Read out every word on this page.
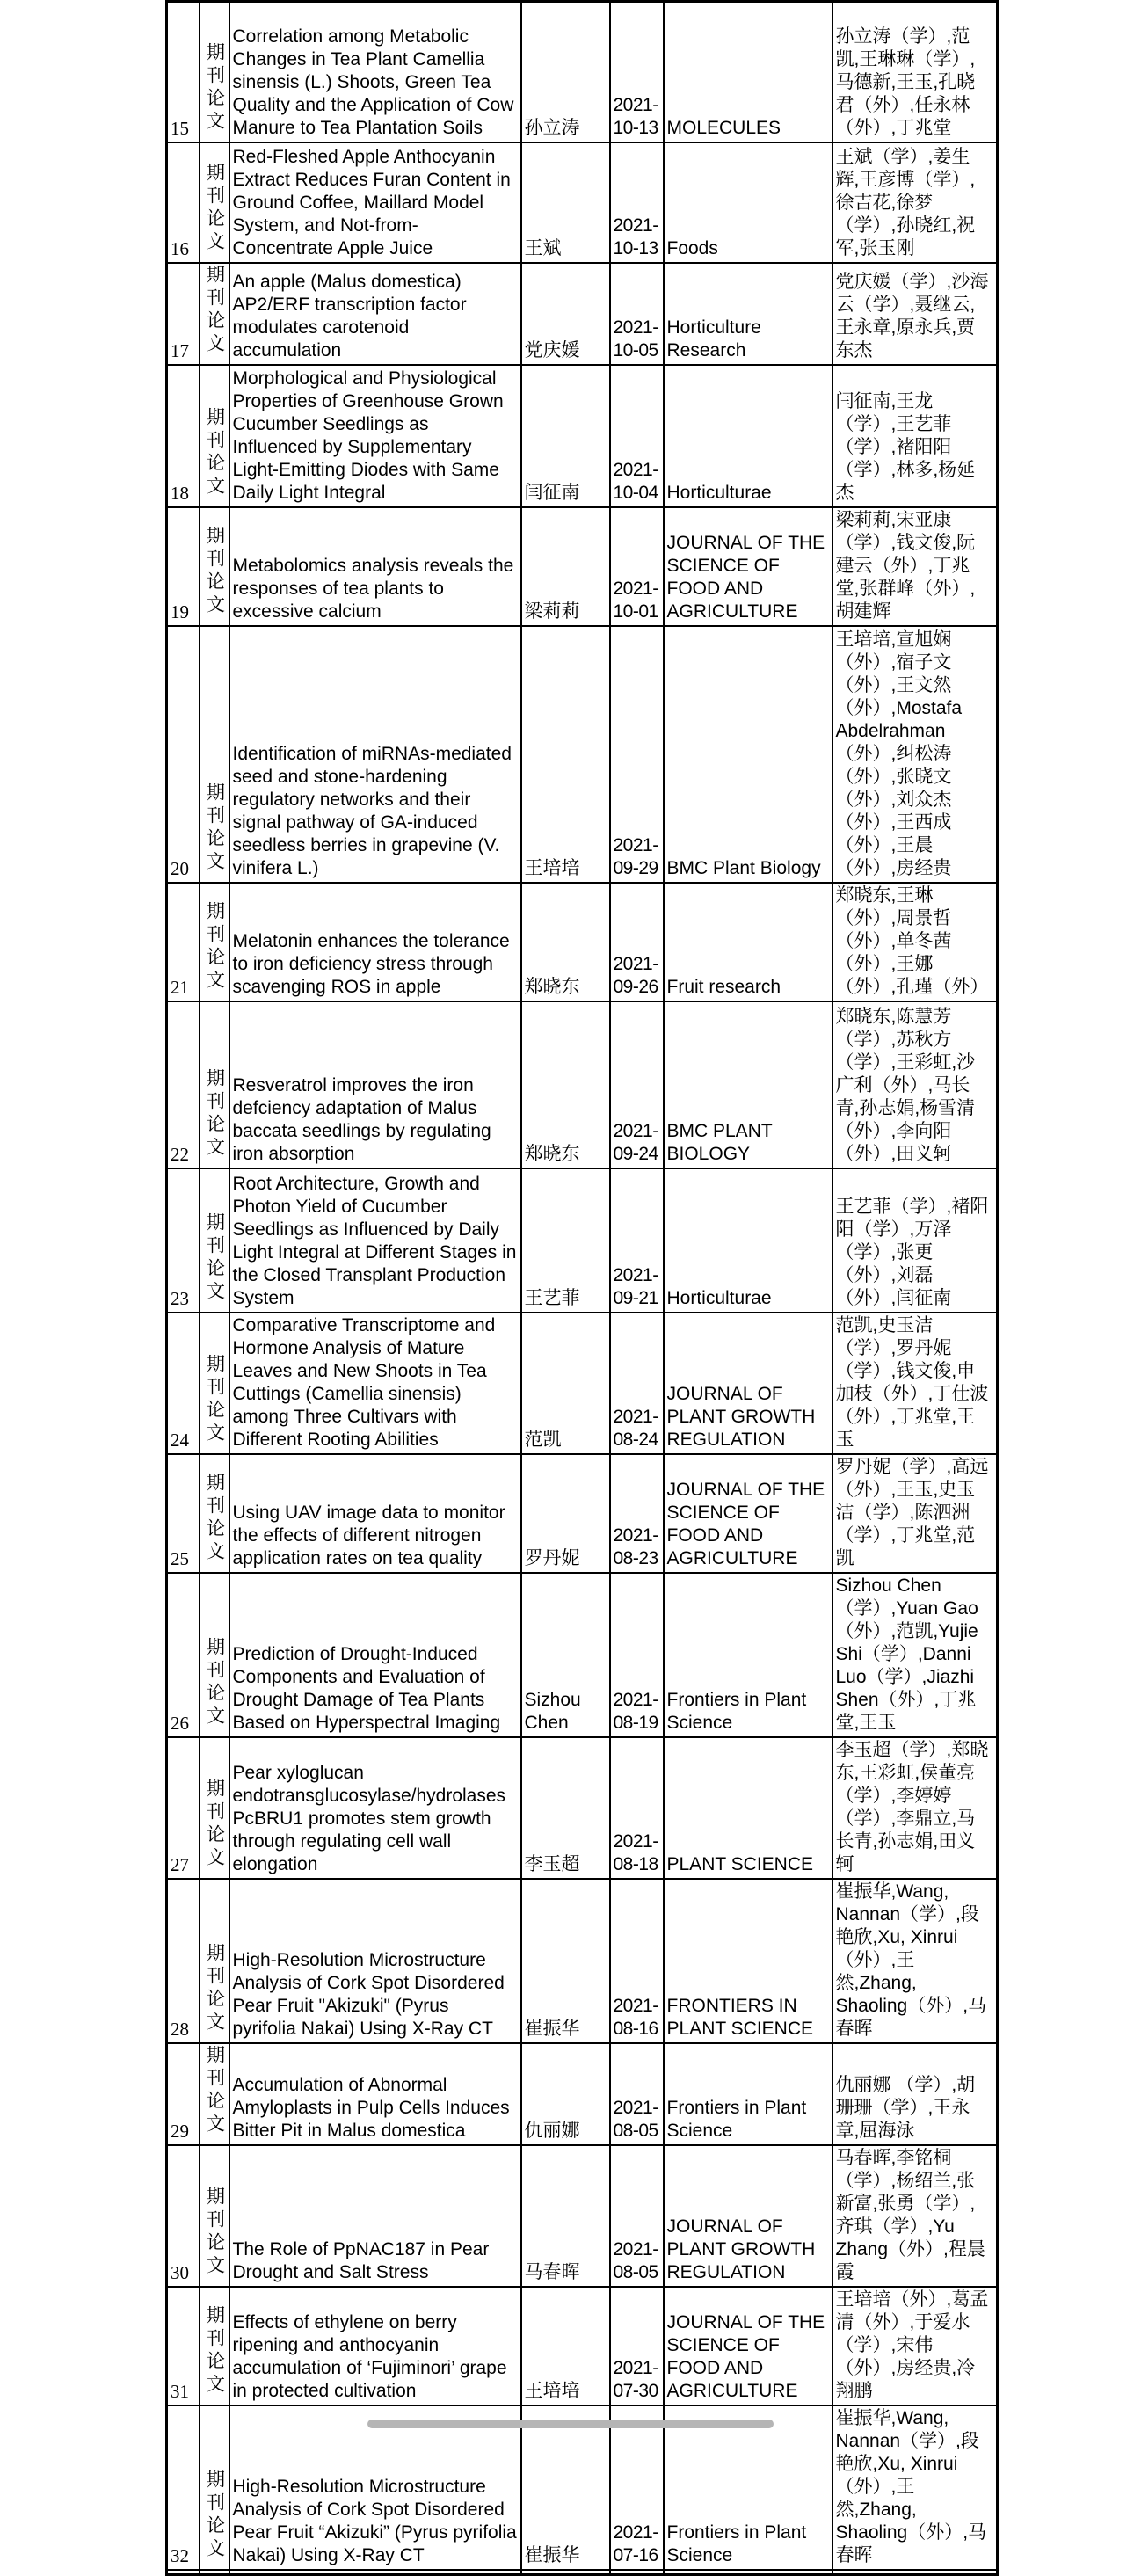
15	期刊论文	Correlation among Metabolic Changes in Tea Plant Camellia sinensis (L.) Shoots, Green Tea Quality and the Application of Cow Manure to Tea Plantation Soils	孙立涛	2021-10-13	MOLECULES	孙立涛（学）,范凯,王琳琳（学）,马德新,王玉,孔晓君（外）,任永林（外）,丁兆堂
16	期刊论文	Red-Fleshed Apple Anthocyanin Extract Reduces Furan Content in Ground Coffee, Maillard Model System, and Not-from-Concentrate Apple Juice	王斌	2021-10-13	Foods	王斌（学）,姜生辉,王彦博（学）,徐吉花,徐梦（学）,孙晓红,祝军,张玉刚
17	期刊论文	An apple (Malus domestica) AP2/ERF transcription factor modulates carotenoid accumulation	党庆媛	2021-10-05	Horticulture Research	党庆媛（学）,沙海云（学）,聂继云,王永章,原永兵,贾东杰
18	期刊论文	Morphological and Physiological Properties of Greenhouse Grown Cucumber Seedlings as Influenced by Supplementary Light-Emitting Diodes with Same Daily Light Integral	闫征南	2021-10-04	Horticulturae	闫征南,王龙（学）,王艺菲（学）,褚阳阳（学）,林多,杨延杰
19	期刊论文	Metabolomics analysis reveals the responses of tea plants to excessive calcium	梁莉莉	2021-10-01	JOURNAL OF THE SCIENCE OF FOOD AND AGRICULTURE	梁莉莉,宋亚康（学）,钱文俊,阮建云（外）,丁兆堂,张群峰（外）,胡建辉
20	期刊论文	Identification of miRNAs-mediated seed and stone-hardening regulatory networks and their signal pathway of GA-induced seedless berries in grapevine (V. vinifera L.)	王培培	2021-09-29	BMC Plant Biology	王培培,宣旭娴（外）,宿子文（外）,王文然（外）,Mostafa Abdelrahman（外）,纠松涛（外）,张晓文（外）,刘众杰（外）,王西成（外）,王晨（外）,房经贵
21	期刊论文	Melatonin enhances the tolerance to iron deficiency stress through scavenging ROS in apple	郑晓东	2021-09-26	Fruit research	郑晓东,王琳（外）,周景哲（外）,单冬茜（外）,王娜（外）,孔瑾（外）
22	期刊论文	Resveratrol improves the iron defciency adaptation of Malus baccata seedlings by regulating iron absorption	郑晓东	2021-09-24	BMC PLANT BIOLOGY	郑晓东,陈慧芳（学）,苏秋方（学）,王彩虹,沙广利（外）,马长青,孙志娟,杨雪清（外）,李向阳（外）,田义轲
23	期刊论文	Root Architecture, Growth and Photon Yield of Cucumber Seedlings as Influenced by Daily Light Integral at Different Stages in the Closed Transplant Production System	王艺菲	2021-09-21	Horticulturae	王艺菲（学）,褚阳阳（学）,万泽（学）,张更（外）,刘磊（外）,闫征南
24	期刊论文	Comparative Transcriptome and Hormone Analysis of Mature Leaves and New Shoots in Tea Cuttings (Camellia sinensis) among Three Cultivars with Different Rooting Abilities	范凯	2021-08-24	JOURNAL OF PLANT GROWTH REGULATION	范凯,史玉洁（学）,罗丹妮（学）,钱文俊,申加枝（外）,丁仕波（外）,丁兆堂,王玉
25	期刊论文	Using UAV image data to monitor the effects of different nitrogen application rates on tea quality	罗丹妮	2021-08-23	JOURNAL OF THE SCIENCE OF FOOD AND AGRICULTURE	罗丹妮（学）,高远（外）,王玉,史玉洁（学）,陈泗洲（学）,丁兆堂,范凯
26	期刊论文	Prediction of Drought-Induced Components and Evaluation of Drought Damage of Tea Plants Based on Hyperspectral Imaging	Sizhou Chen	2021-08-19	Frontiers in Plant Science	Sizhou Chen（学）,Yuan Gao（外）,范凯,Yujie Shi（学）,Danni Luo（学）,Jiazhi Shen（外）,丁兆堂,王玉
27	期刊论文	Pear xyloglucan endotransglucosylase/hydrolases PcBRU1 promotes stem growth through regulating cell wall elongation	李玉超	2021-08-18	PLANT SCIENCE	李玉超（学）,郑晓东,王彩虹,侯董亮（学）,李婷婷（学）,李鼎立,马长青,孙志娟,田义轲
28	期刊论文	High-Resolution Microstructure Analysis of Cork Spot Disordered Pear Fruit "Akizuki" (Pyrus pyrifolia Nakai) Using X-Ray CT	崔振华	2021-08-16	FRONTIERS IN PLANT SCIENCE	崔振华,Wang, Nannan（学）,段艳欣,Xu, Xinrui（外）,王然,Zhang, Shaoling（外）,马春晖
29	期刊论文	Accumulation of Abnormal Amyloplasts in Pulp Cells Induces Bitter Pit in Malus domestica	仇丽娜	2021-08-05	Frontiers in Plant Science	仇丽娜 （学）,胡珊珊（学）,王永章,屈海泳
30	期刊论文	The Role of PpNAC187 in Pear Drought and Salt Stress	马春晖	2021-08-05	JOURNAL OF PLANT GROWTH REGULATION	马春晖,李铭桐（学）,杨绍兰,张新富,张勇（学）,齐琪（学）,Yu Zhang（外）,程晨霞
31	期刊论文	Effects of ethylene on berry ripening and anthocyanin accumulation of ‘Fujiminori’ grape in protected cultivation	王培培	2021-07-30	JOURNAL OF THE SCIENCE OF FOOD AND AGRICULTURE	王培培（外）,葛孟清（外）,于爱水（学）,宋伟（外）,房经贵,冷翔鹏
32	期刊论文	High-Resolution Microstructure Analysis of Cork Spot Disordered Pear Fruit “Akizuki” (Pyrus pyrifolia Nakai) Using X-Ray CT	崔振华	2021-07-16	Frontiers in Plant Science	崔振华,Wang, Nannan（学）,段艳欣,Xu, Xinrui（外）,王然,Zhang, Shaoling（外）,马春晖
